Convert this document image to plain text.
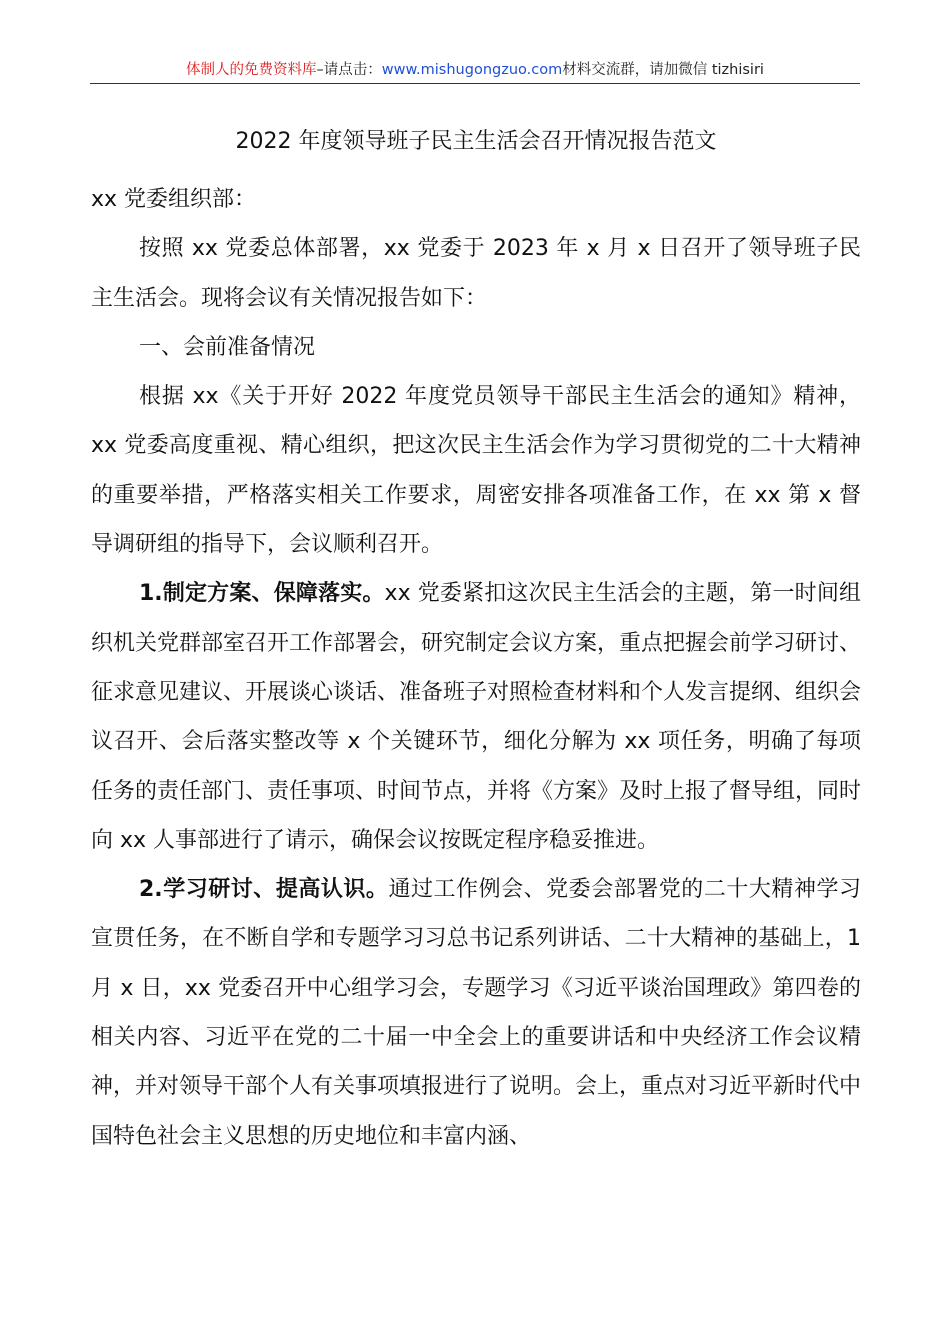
体制人的免费资料库–请点击：www.mishugongzuo.com材料交流群，请加微信 tizhisiri
2022 年度领导班子民主生活会召开情况报告范文

xx 党委组织部：

按照 xx 党委总体部署，xx 党委于 2023 年 x 月 x 日召开了领导班子民主生活会。现将会议有关情况报告如下：

一、会前准备情况

根据 xx《关于开好 2022 年度党员领导干部民主生活会的通知》精神，xx 党委高度重视、精心组织，把这次民主生活会作为学习贯彻党的二十大精神的重要举措，严格落实相关工作要求，周密安排各项准备工作，在 xx 第 x 督导调研组的指导下，会议顺利召开。

1.制定方案、保障落实。xx 党委紧扣这次民主生活会的主题，第一时间组织机关党群部室召开工作部署会，研究制定会议方案，重点把握会前学习研讨、征求意见建议、开展谈心谈话、准备班子对照检查材料和个人发言提纲、组织会议召开、会后落实整改等 x 个关键环节，细化分解为 xx 项任务，明确了每项任务的责任部门、责任事项、时间节点，并将《方案》及时上报了督导组，同时向 xx 人事部进行了请示，确保会议按既定程序稳妥推进。

2.学习研讨、提高认识。通过工作例会、党委会部署党的二十大精神学习宣贯任务，在不断自学和专题学习习总书记系列讲话、二十大精神的基础上，1 月 x 日，xx 党委召开中心组学习会，专题学习《习近平谈治国理政》第四卷的相关内容、习近平在党的二十届一中全会上的重要讲话和中央经济工作会议精神，并对领导干部个人有关事项填报进行了说明。会上，重点对习近平新时代中国特色社会主义思想的历史地位和丰富内涵、
